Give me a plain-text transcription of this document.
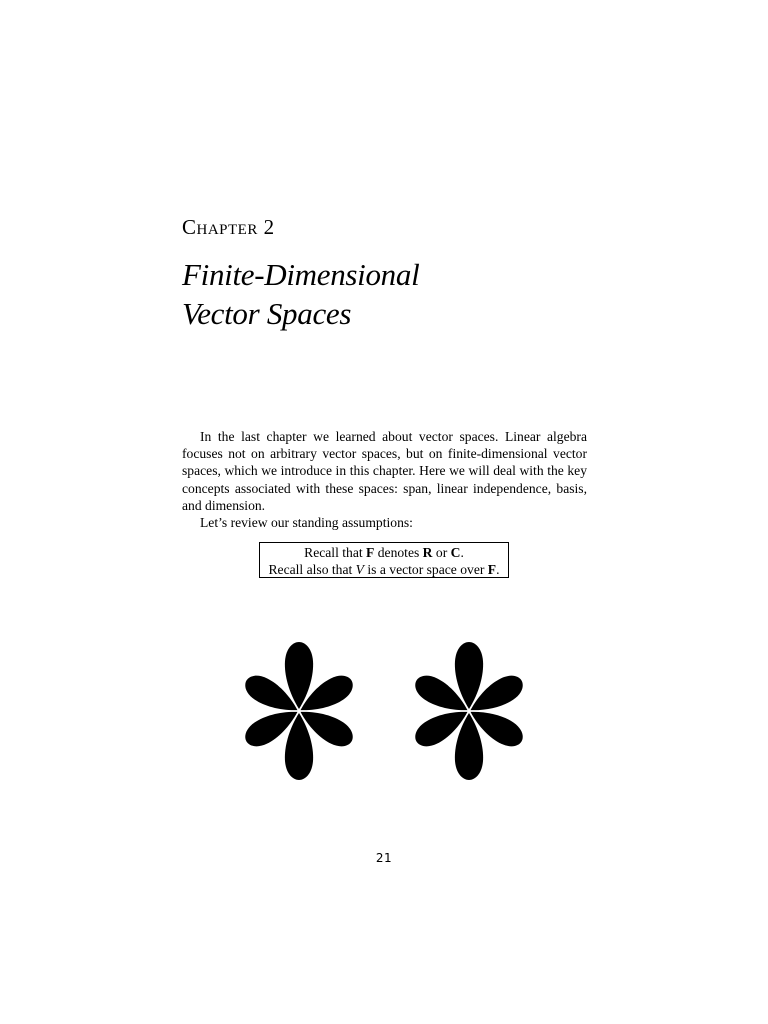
Chapter 2
Finite-Dimensional
Vector Spaces

In the last chapter we learned about vector spaces. Linear algebra focuses not on arbitrary vector spaces, but on finite-dimensional vector spaces, which we introduce in this chapter. Here we will deal with the key concepts associated with these spaces: span, linear independence, basis, and dimension.

Let’s review our standing assumptions:

Recall that F denotes R or C.
Recall also that V is a vector space over F.
21
